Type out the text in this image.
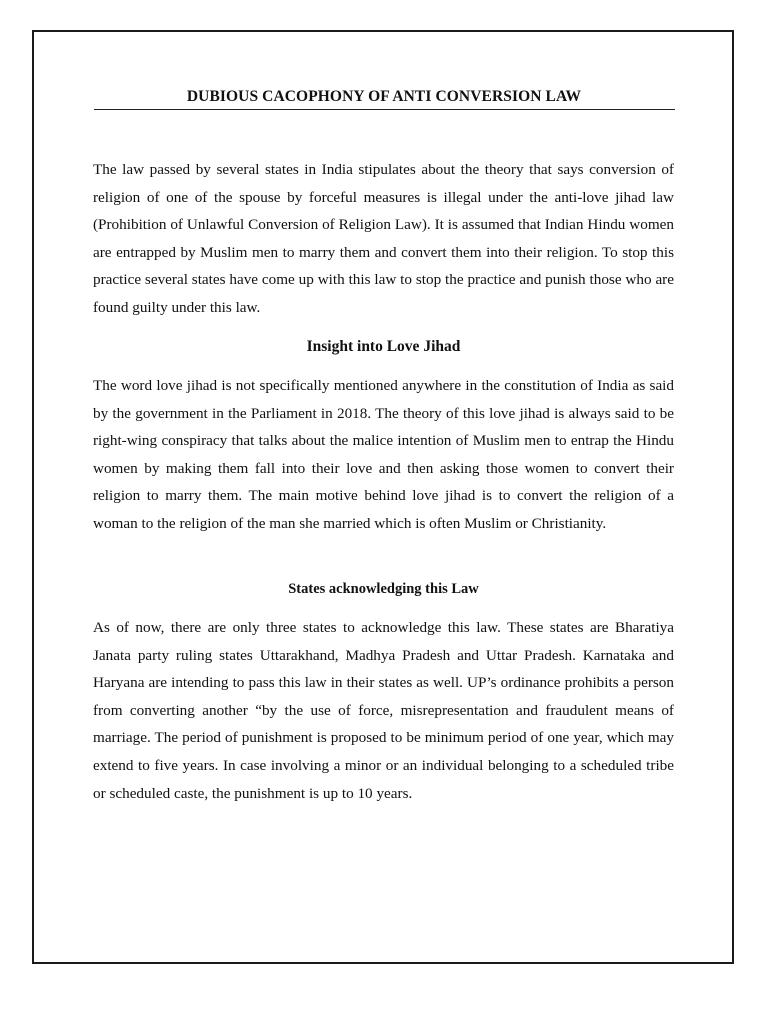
DUBIOUS CACOPHONY OF ANTI CONVERSION LAW

The law passed by several states in India stipulates about the theory that says conversion of religion of one of the spouse by forceful measures is illegal under the anti-love jihad law (Prohibition of Unlawful Conversion of Religion Law). It is assumed that Indian Hindu women are entrapped by Muslim men to marry them and convert them into their religion. To stop this practice several states have come up with this law to stop the practice and punish those who are found guilty under this law.

Insight into Love Jihad

The word love jihad is not specifically mentioned anywhere in the constitution of India as said by the government in the Parliament in 2018. The theory of this love jihad is always said to be right-wing conspiracy that talks about the malice intention of Muslim men to entrap the Hindu women by making them fall into their love and then asking those women to convert their religion to marry them. The main motive behind love jihad is to convert the religion of a woman to the religion of the man she married which is often Muslim or Christianity.

States acknowledging this Law

As of now, there are only three states to acknowledge this law. These states are Bharatiya Janata party ruling states Uttarakhand, Madhya Pradesh and Uttar Pradesh. Karnataka and Haryana are intending to pass this law in their states as well. UP’s ordinance prohibits a person from converting another “by the use of force, misrepresentation and fraudulent means of marriage. The period of punishment is proposed to be minimum period of one year, which may extend to five years. In case involving a minor or an individual belonging to a scheduled tribe or scheduled caste, the punishment is up to 10 years.
